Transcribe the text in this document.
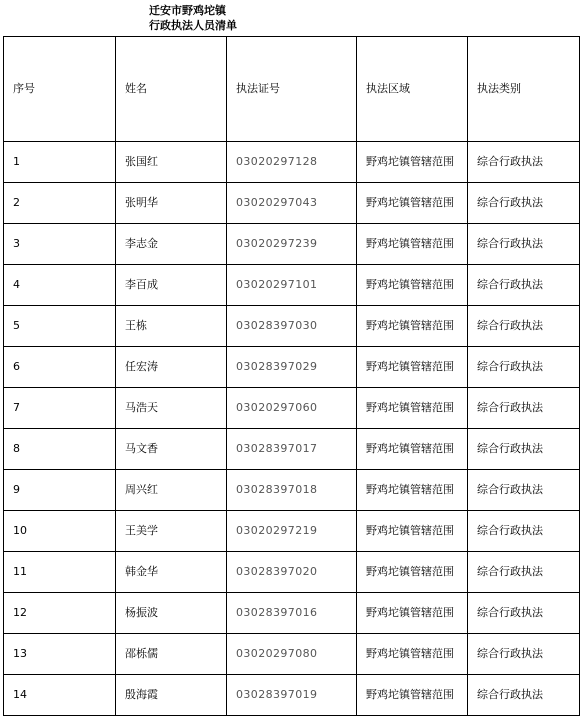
迁安市野鸡坨镇
行政执法人员清单
序号	姓名	执法证号	执法区域	执法类别
1	张国红	03020297128	野鸡坨镇管辖范围	综合行政执法
2	张明华	03020297043	野鸡坨镇管辖范围	综合行政执法
3	李志金	03020297239	野鸡坨镇管辖范围	综合行政执法
4	李百成	03020297101	野鸡坨镇管辖范围	综合行政执法
5	王栋	03028397030	野鸡坨镇管辖范围	综合行政执法
6	任宏涛	03028397029	野鸡坨镇管辖范围	综合行政执法
7	马浩天	03020297060	野鸡坨镇管辖范围	综合行政执法
8	马文香	03028397017	野鸡坨镇管辖范围	综合行政执法
9	周兴红	03028397018	野鸡坨镇管辖范围	综合行政执法
10	王美学	03020297219	野鸡坨镇管辖范围	综合行政执法
11	韩金华	03028397020	野鸡坨镇管辖范围	综合行政执法
12	杨振波	03028397016	野鸡坨镇管辖范围	综合行政执法
13	邵栎儒	03020297080	野鸡坨镇管辖范围	综合行政执法
14	殷海霞	03028397019	野鸡坨镇管辖范围	综合行政执法
